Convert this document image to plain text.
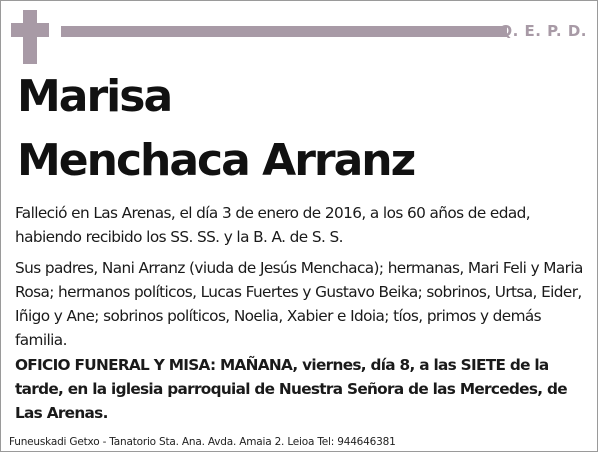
Q. E. P. D.
Marisa
Menchaca Arranz

Falleció en Las Arenas, el día 3 de enero de 2016, a los 60 años de edad, habiendo recibido los SS. SS. y la B. A. de S. S.

Sus padres, Nani Arranz (viuda de Jesús Menchaca); hermanas, Mari Feli y Maria Rosa; hermanos políticos, Lucas Fuertes y Gustavo Beika; sobrinos, Urtsa, Eider, Iñigo y Ane; sobrinos políticos, Noelia, Xabier e Idoia; tíos, primos y demás familia.

OFICIO FUNERAL Y MISA: MAÑANA, viernes, día 8, a las SIETE de la tarde, en la iglesia parroquial de Nuestra Señora de las Mercedes, de Las Arenas.

Funeuskadi Getxo - Tanatorio Sta. Ana. Avda. Amaia 2. Leioa Tel: 944646381
